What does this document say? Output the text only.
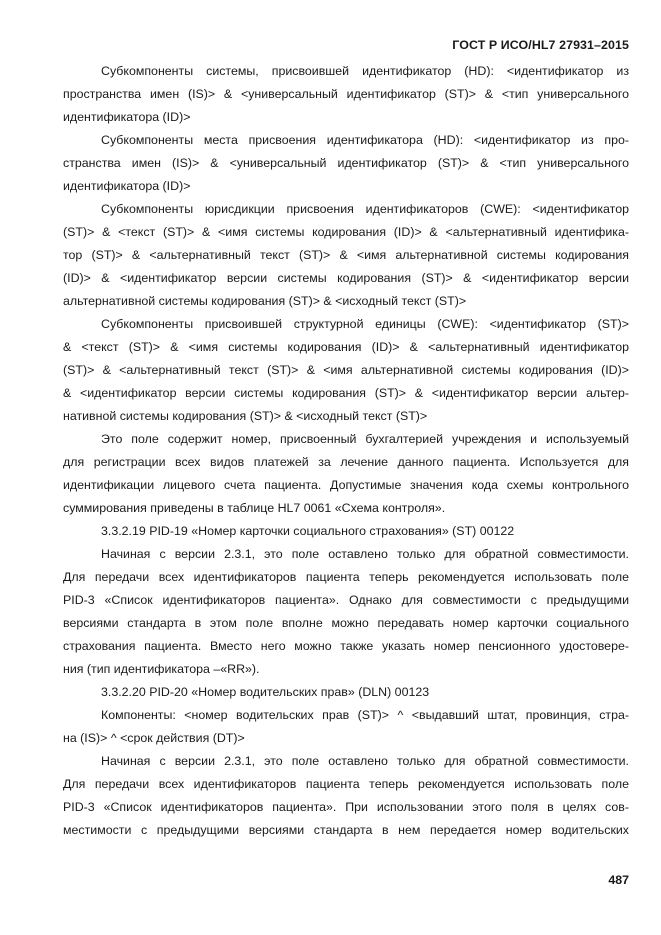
ГОСТ Р ИСО/HL7 27931–2015
Субкомпоненты системы, присвоившей идентификатор (HD): <идентификатор из
пространства имен (IS)> & <универсальный идентификатор (ST)> & <тип универсального
идентификатора (ID)>
Субкомпоненты места присвоения идентификатора (HD): <идентификатор из про-
странства имен (IS)> & <универсальный идентификатор (ST)> & <тип универсального
идентификатора (ID)>
Субкомпоненты юрисдикции присвоения идентификаторов (CWE): <идентификатор
(ST)> & <текст (ST)> & <имя системы кодирования (ID)> & <альтернативный идентифика-
тор (ST)> & <альтернативный текст (ST)> & <имя альтернативной системы кодирования
(ID)> & <идентификатор версии системы кодирования (ST)> & <идентификатор версии
альтернативной системы кодирования (ST)> & <исходный текст (ST)>
Субкомпоненты присвоившей структурной единицы (CWE): <идентификатор (ST)>
& <текст (ST)> & <имя системы кодирования (ID)> & <альтернативный идентификатор
(ST)> & <альтернативный текст (ST)> & <имя альтернативной системы кодирования (ID)>
& <идентификатор версии системы кодирования (ST)> & <идентификатор версии альтер-
нативной системы кодирования (ST)> & <исходный текст (ST)>
Это поле содержит номер, присвоенный бухгалтерией учреждения и используемый
для регистрации всех видов платежей за лечение данного пациента. Используется для
идентификации лицевого счета пациента. Допустимые значения кода схемы контрольного
суммирования приведены в таблице HL7 0061 «Схема контроля».
3.3.2.19 PID-19 «Номер карточки социального страхования» (ST) 00122
Начиная с версии 2.3.1, это поле оставлено только для обратной совместимости.
Для передачи всех идентификаторов пациента теперь рекомендуется использовать поле
PID-3 «Список идентификаторов пациента». Однако для совместимости с предыдущими
версиями стандарта в этом поле вполне можно передавать номер карточки социального
страхования пациента. Вместо него можно также указать номер пенсионного удостовере-
ния (тип идентификатора –«RR»).
3.3.2.20 PID-20 «Номер водительских прав» (DLN) 00123
Компоненты: <номер водительских прав (ST)> ^ <выдавший штат, провинция, стра-
на (IS)> ^ <срок действия (DT)>
Начиная с версии 2.3.1, это поле оставлено только для обратной совместимости.
Для передачи всех идентификаторов пациента теперь рекомендуется использовать поле
PID-3 «Список идентификаторов пациента». При использовании этого поля в целях сов-
местимости с предыдущими версиями стандарта в нем передается номер водительских
487
